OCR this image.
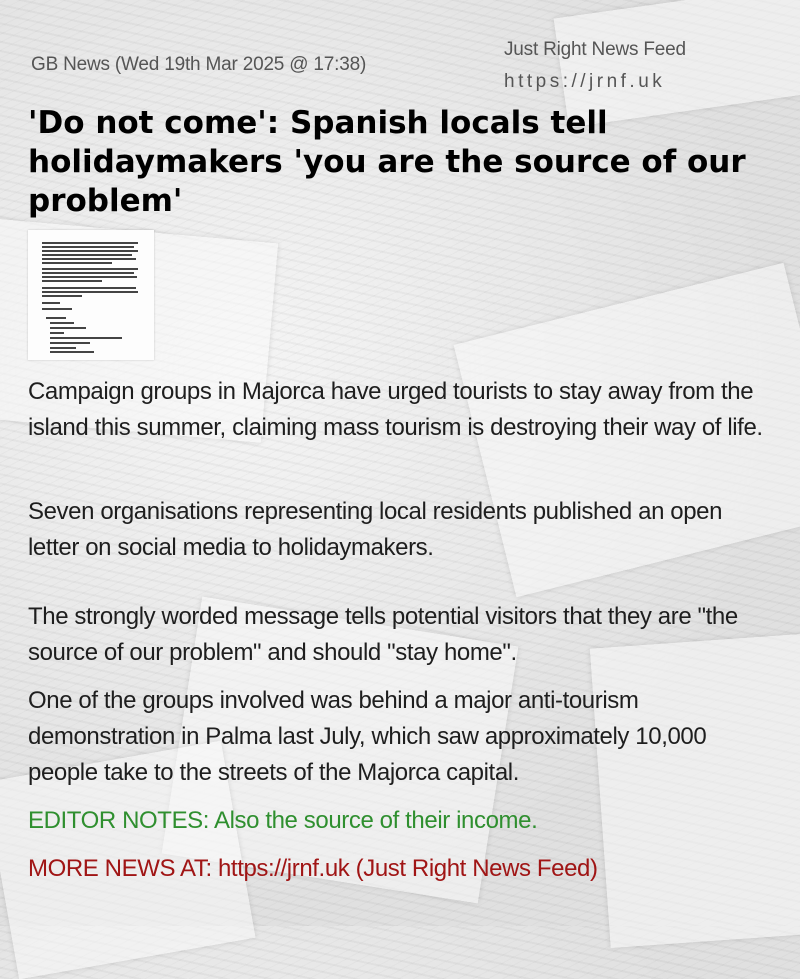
GB News (Wed 19th Mar 2025 @ 17:38)
Just Right News Feed
https://jrnf.uk
'Do not come': Spanish locals tell holidaymakers 'you are the source of our problem'

Campaign groups in Majorca have urged tourists to stay away from the island this summer, claiming mass tourism is destroying their way of life.

Seven organisations representing local residents published an open letter on social media to holidaymakers.

The strongly worded message tells potential visitors that they are "the source of our problem" and should "stay home".

One of the groups involved was behind a major anti-tourism demonstration in Palma last July, which saw approximately 10,000 people take to the streets of the Majorca capital.

EDITOR NOTES: Also the source of their income.

MORE NEWS AT: https://jrnf.uk (Just Right News Feed)
